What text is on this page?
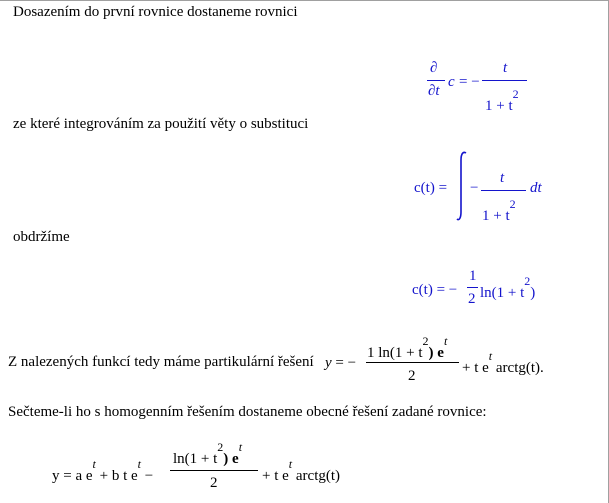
Dosazením do první rovnice dostaneme rovnici
∂
∂t
c = −
t
$1 + t^2$
ze které integrováním za použití věty o substituci
c(t) = −
t
$1 + t^2$
dt
obdržíme
c(t) = −
1
2 $\ln(1 + t^2)$
Z nalezených funkcí tedy máme partikulární řešení y = −
1 $\ln(1 + t^2)$ $e^t$
2	+ t $e^t$ arctg(t).
Sečteme-li ho s homogenním řešením dostaneme obecné řešení zadané rovnice:
y = a $e^t + b$ t $e^t$ −
$\ln(1 + t^2)$ $e^t$
2	+ t $e^t$ arctg(t)
